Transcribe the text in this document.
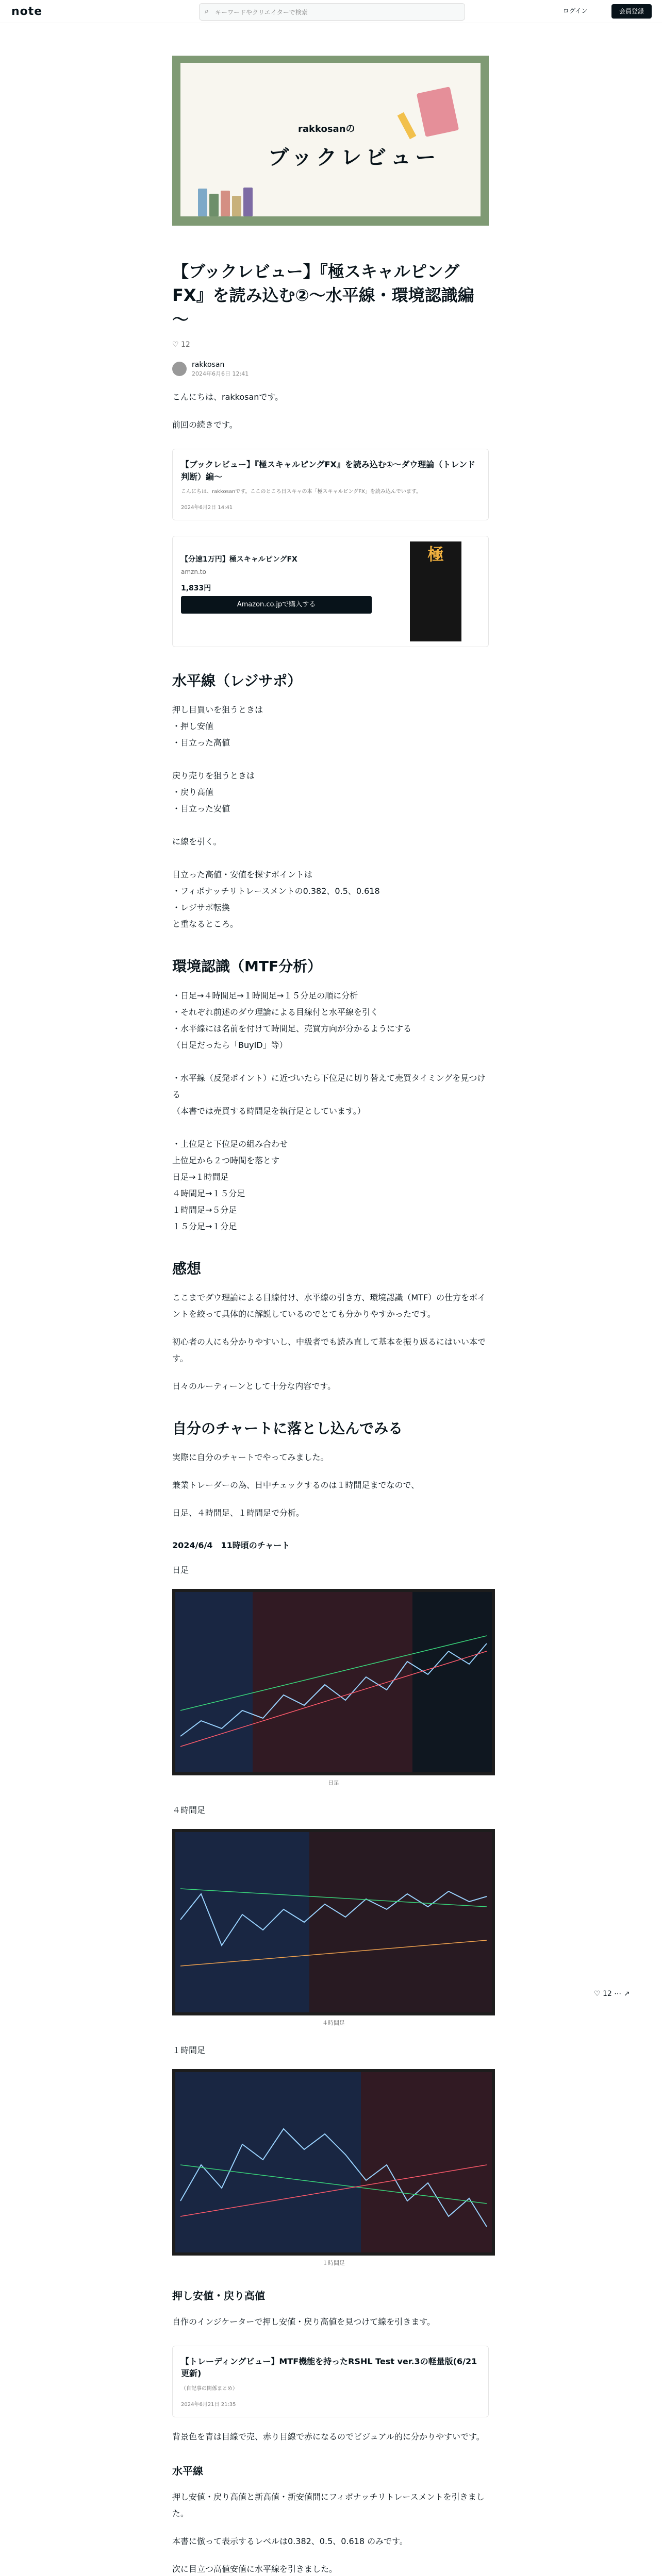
note	⌕ キーワードやクリエイターで検索	ログイン	会員登録
rakkosanの
ブックレビュー
【ブックレビュー】『極スキャルピングFX』を読み込む②～水平線・環境認識編～
♡ 12
rakkosan
2024年6月6日 12:41

こんにちは、rakkosanです。

前回の続きです。

【ブックレビュー】『極スキャルピングFX』を読み込む①～ダウ理論（トレンド判断）編～
こんにちは、rakkosanです。ここのところ日スキャの本「極スキャルピングFX」を読み込んでいます。
2024年6月2日 14:41
【分速1万円】極スキャルピングFX
amzn.to
1,833円
Amazon.co.jpで購入する
極
水平線（レジサポ）
押し目買いを狙うときは
・押し安値
・目立った高値

戻り売りを狙うときは
・戻り高値
・目立った安値

に線を引く。

目立った高値・安値を探すポイントは
・フィボナッチリトレースメントの0.382、0.5、0.618
・レジサポ転換
と重なるところ。
環境認識（MTF分析）
・日足→４時間足→１時間足→１５分足の順に分析
・それぞれ前述のダウ理論による目線付と水平線を引く
・水平線には名前を付けて時間足、売買方向が分かるようにする
（日足だったら「BuyID」等）

・水平線（反発ポイント）に近づいたら下位足に切り替えて売買タイミングを見つける
（本書では売買する時間足を執行足としています。）

・上位足と下位足の組み合わせ
上位足から２つ時間を落とす
日足→１時間足
４時間足→１５分足
１時間足→５分足
１５分足→１分足
感想

ここまでダウ理論による目線付け、水平線の引き方、環境認識（MTF）の仕方をポイントを絞って具体的に解説しているのでとても分かりやすかったです。

初心者の人にも分かりやすいし、中級者でも読み直して基本を振り返るにはいい本です。

日々のルーティーンとして十分な内容です。

自分のチャートに落とし込んでみる

実際に自分のチャートでやってみました。

兼業トレーダーの為、日中チェックするのは１時間足までなので、

日足、４時間足、１時間足で分析。

2024/6/4　11時頃のチャート

日足

日足

４時間足

４時間足

１時間足

１時間足
押し安値・戻り高値

自作のインジケーターで押し安値・戻り高値を見つけて線を引きます。

【トレーディングビュー】MTF機能を持ったRSHL Test ver.3の軽量版(6/21更新)
（自記事の関係まとめ）
2024年6月21日 21:35

背景色を青は目線で売、赤り目線で赤になるのでビジュアル的に分かりやすいです。

水平線

押し安値・戻り高値と新高値・新安値間にフィボナッチリトレースメントを引きました。

本書に倣って表示するレベルは0.382、0.5、0.618 のみです。

次に目立つ高値安値に水平線を引きました。

♡ 12 ⋯ ↗
